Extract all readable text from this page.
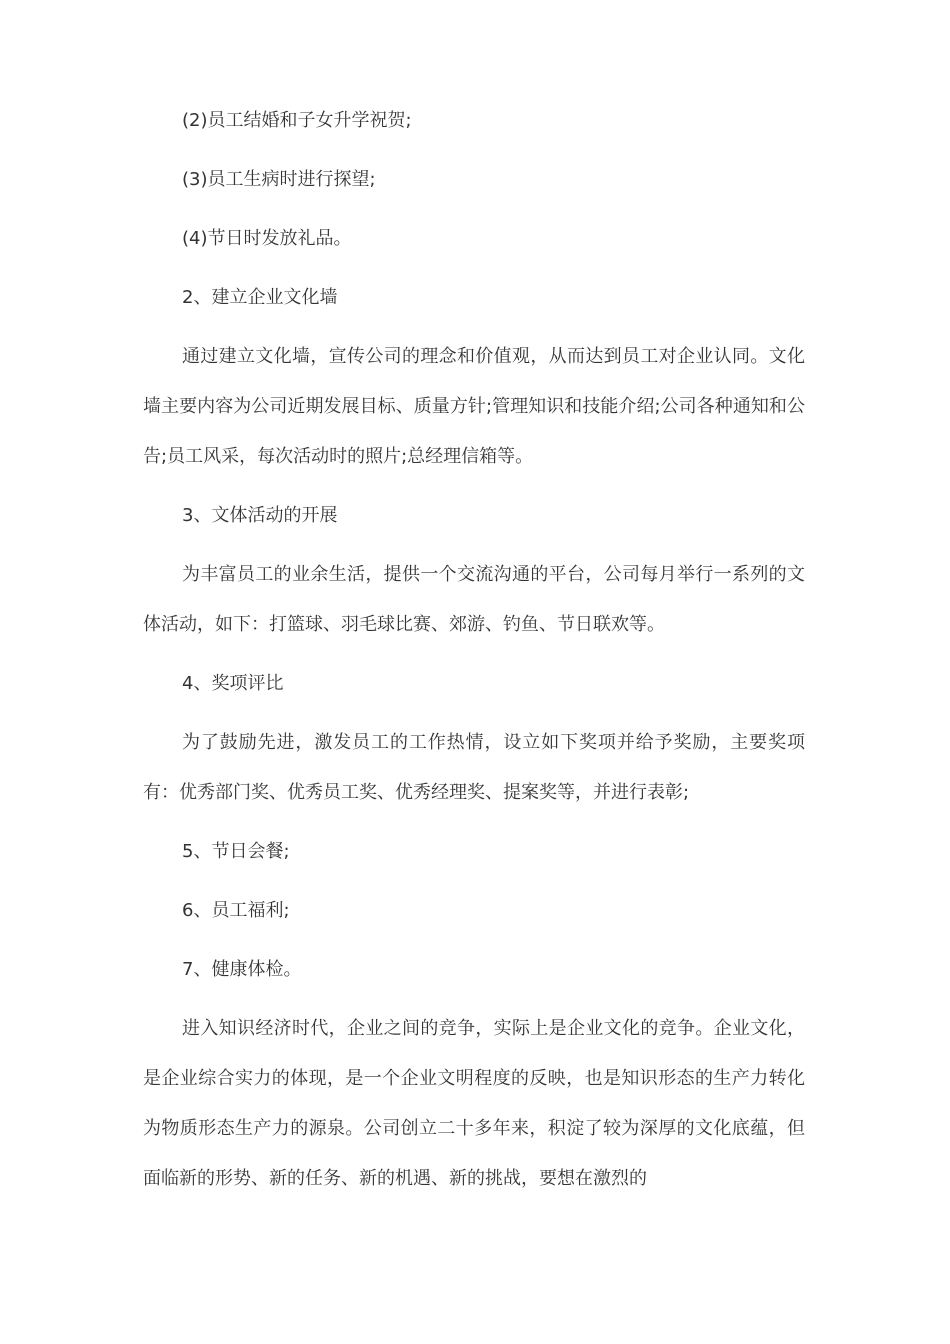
(2)员工结婚和子女升学祝贺;

(3)员工生病时进行探望;

(4)节日时发放礼品。

2、建立企业文化墙

通过建立文化墙，宣传公司的理念和价值观，从而达到员工对企业认同。文化墙主要内容为公司近期发展目标、质量方针;管理知识和技能介绍;公司各种通知和公告;员工风采，每次活动时的照片;总经理信箱等。

3、文体活动的开展

为丰富员工的业余生活，提供一个交流沟通的平台，公司每月举行一系列的文体活动，如下：打篮球、羽毛球比赛、郊游、钓鱼、节日联欢等。

4、奖项评比

为了鼓励先进，激发员工的工作热情，设立如下奖项并给予奖励，主要奖项有：优秀部门奖、优秀员工奖、优秀经理奖、提案奖等，并进行表彰;

5、节日会餐;

6、员工福利;

7、健康体检。

进入知识经济时代，企业之间的竞争，实际上是企业文化的竞争。企业文化，是企业综合实力的体现，是一个企业文明程度的反映，也是知识形态的生产力转化为物质形态生产力的源泉。公司创立二十多年来，积淀了较为深厚的文化底蕴，但面临新的形势、新的任务、新的机遇、新的挑战，要想在激烈的
